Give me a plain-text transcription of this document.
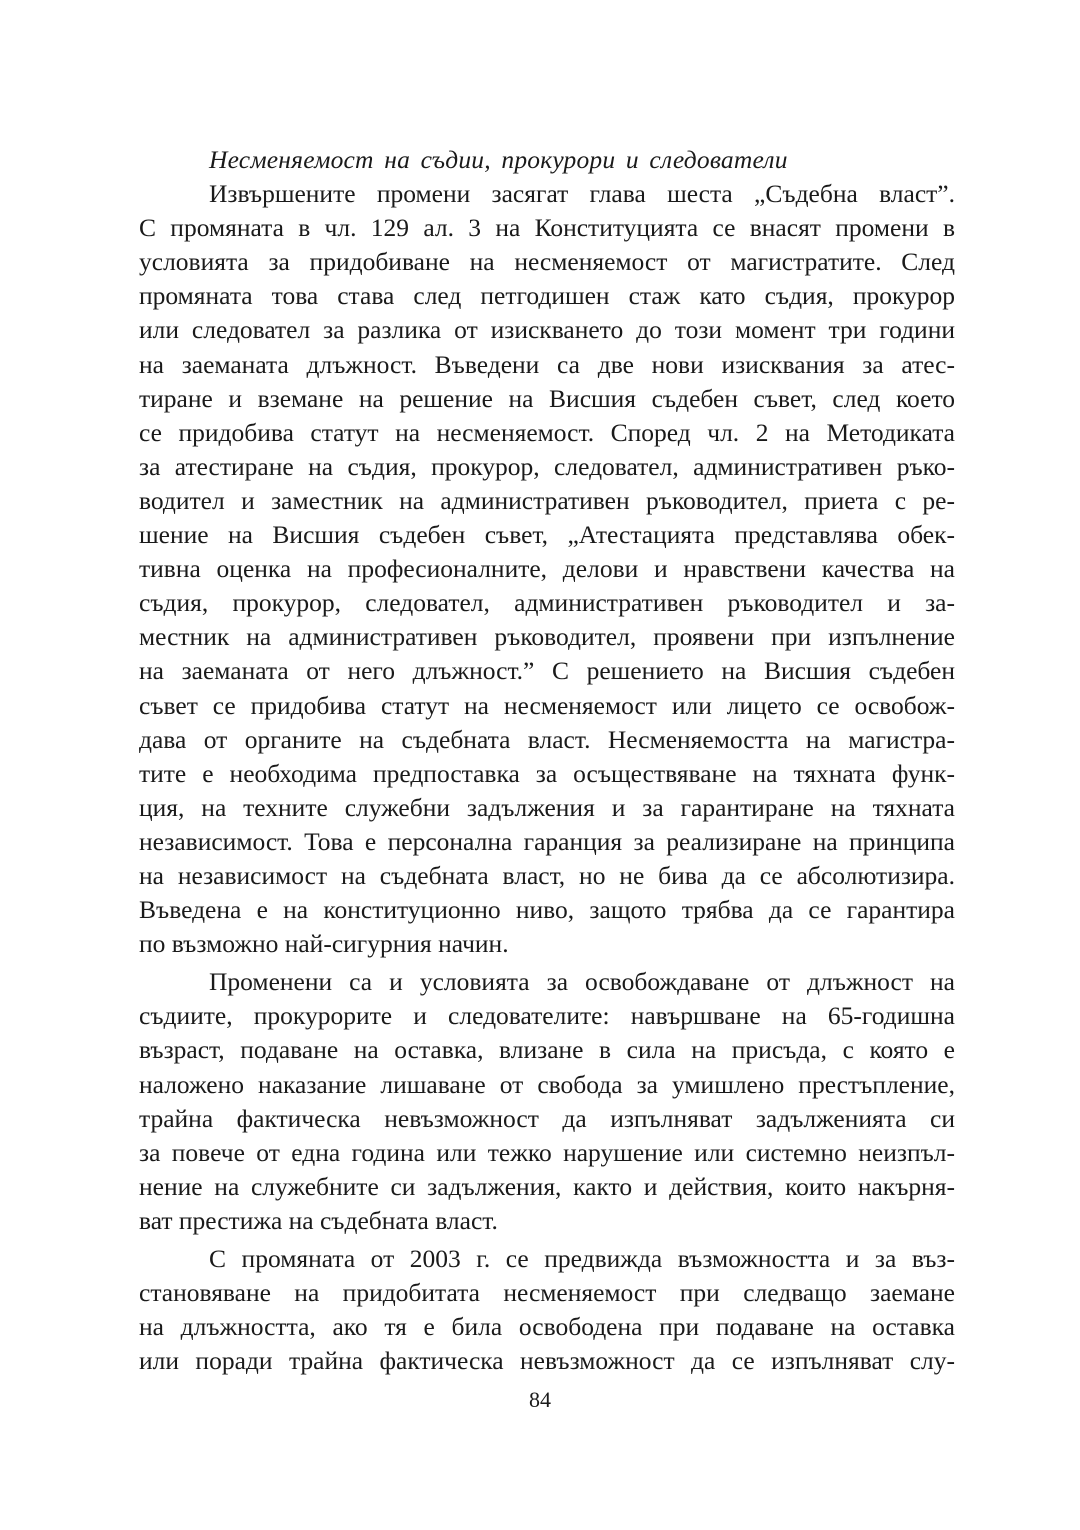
Несменяемост на съдии, прокурори и следователи
Извършените промени засягат глава шеста „Съдебна власт”.
С промяната в чл. 129 ал. 3 на Конституцията се внасят промени в
условията за придобиване на несменяемост от магистратите. След
промяната това става след петгодишен стаж като съдия, прокурор
или следовател за разлика от изискването до този момент три години
на заеманата длъжност. Въведени са две нови изисквания за атес-
тиране и вземане на решение на Висшия съдебен съвет, след което
се придобива статут на несменяемост. Според чл. 2 на Методиката
за атестиране на съдия, прокурор, следовател, административен ръко-
водител и заместник на административен ръководител, приета с ре-
шение на Висшия съдебен съвет, „Атестацията представлява обек-
тивна оценка на професионалните, делови и нравствени качества на
съдия, прокурор, следовател, административен ръководител и за-
местник на административен ръководител, проявени при изпълнение
на заеманата от него длъжност.” С решението на Висшия съдебен
съвет се придобива статут на несменяемост или лицето се освобож-
дава от органите на съдебната власт. Несменяемостта на магистра-
тите е необходима предпоставка за осъществяване на тяхната функ-
ция, на техните служебни задължения и за гарантиране на тяхната
независимост. Това е персонална гаранция за реализиране на принципа
на независимост на съдебната власт, но не бива да се абсолютизира.
Въведена е на конституционно ниво, защото трябва да се гарантира
по възможно най-сигурния начин.
Променени са и условията за освобождаване от длъжност на
съдиите, прокурорите и следователите: навършване на 65-годишна
възраст, подаване на оставка, влизане в сила на присъда, с която е
наложено наказание лишаване от свобода за умишлено престъпление,
трайна фактическа невъзможност да изпълняват задълженията си
за повече от една година или тежко нарушение или системно неизпъл-
нение на служебните си задължения, както и действия, които накърня-
ват престижа на съдебната власт.
С промяната от 2003 г. се предвижда възможността и за въз-
становяване на придобитата несменяемост при следващо заемане
на длъжността, ако тя е била освободена при подаване на оставка
или поради трайна фактическа невъзможност да се изпълняват слу-
84
